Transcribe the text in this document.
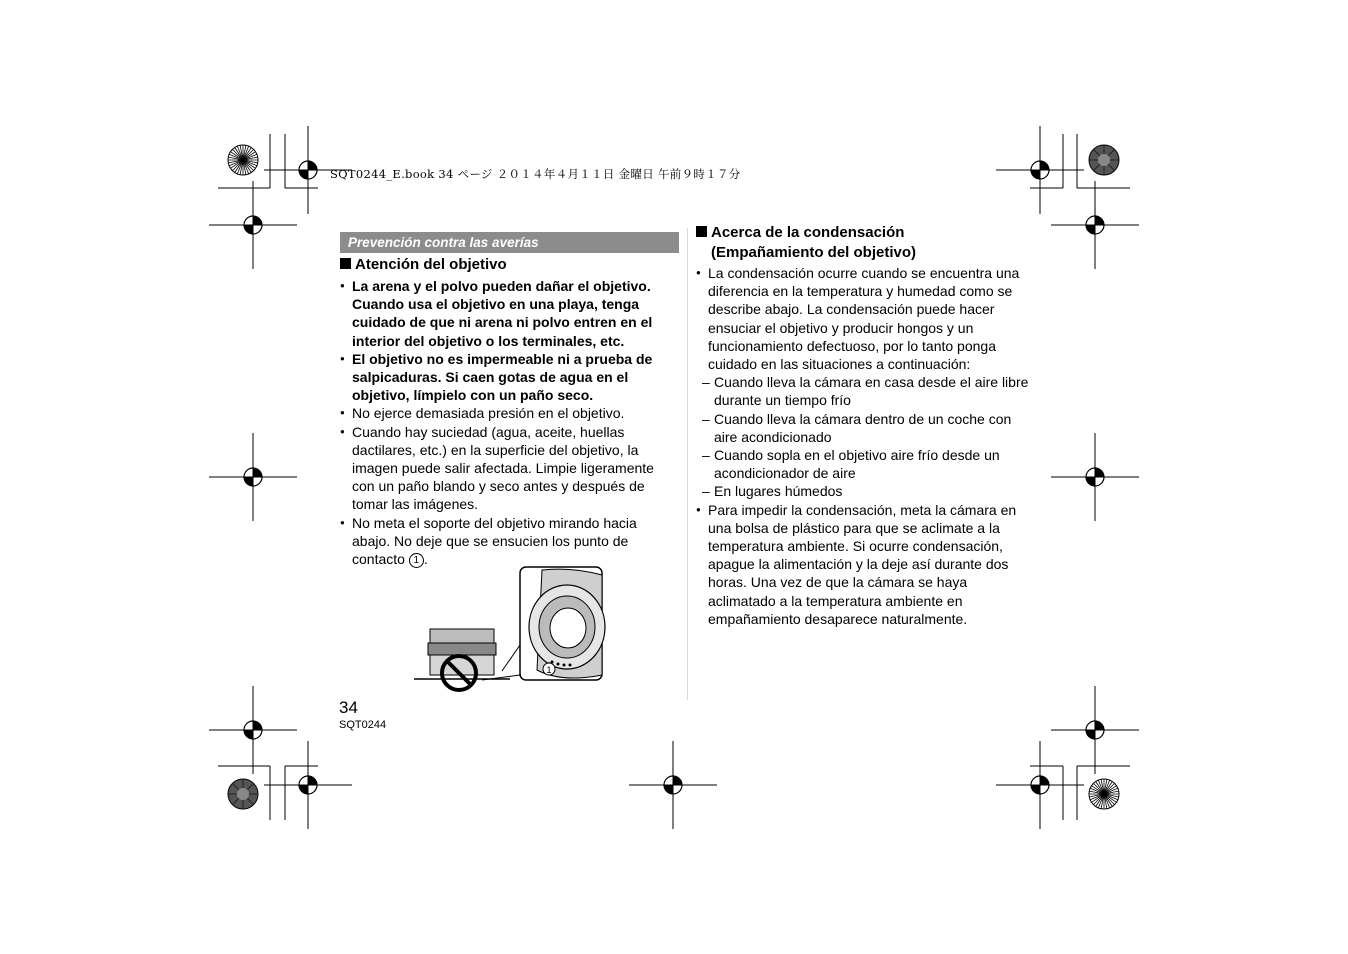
SQT0244_E.book 34 ページ ２０１４年４月１１日 金曜日 午前９時１７分
Prevención contra las averías
Atención del objetivo
● La arena y el polvo pueden dañar el objetivo. Cuando usa el objetivo en una playa, tenga cuidado de que ni arena ni polvo entren en el interior del objetivo o los terminales, etc.
● El objetivo no es impermeable ni a prueba de salpicaduras. Si caen gotas de agua en el objetivo, límpielo con un paño seco.
● No ejerce demasiada presión en el objetivo.
● Cuando hay suciedad (agua, aceite, huellas dactilares, etc.) en la superficie del objetivo, la imagen puede salir afectada. Limpie ligeramente con un paño blando y seco antes y después de tomar las imágenes.
● No meta el soporte del objetivo mirando hacia abajo. No deje que se ensucien los punto de contacto 1 .
1
Acerca de la condensación
(Empañamiento del objetivo)
● La condensación ocurre cuando se encuentra una diferencia en la temperatura y humedad como se describe abajo. La condensación puede hacer ensuciar el objetivo y producir hongos y un funcionamiento defectuoso, por lo tanto ponga cuidado en las situaciones a continuación:
– Cuando lleva la cámara en casa desde el aire libre durante un tiempo frío
– Cuando lleva la cámara dentro de un coche con aire acondicionado
– Cuando sopla en el objetivo aire frío desde un acondicionador de aire
– En lugares húmedos
● Para impedir la condensación, meta la cámara en una bolsa de plástico para que se aclimate a la temperatura ambiente. Si ocurre condensación, apague la alimentación y la deje así durante dos horas. Una vez de que la cámara se haya aclimatado a la temperatura ambiente en empañamiento desaparece naturalmente.
34
SQT0244
